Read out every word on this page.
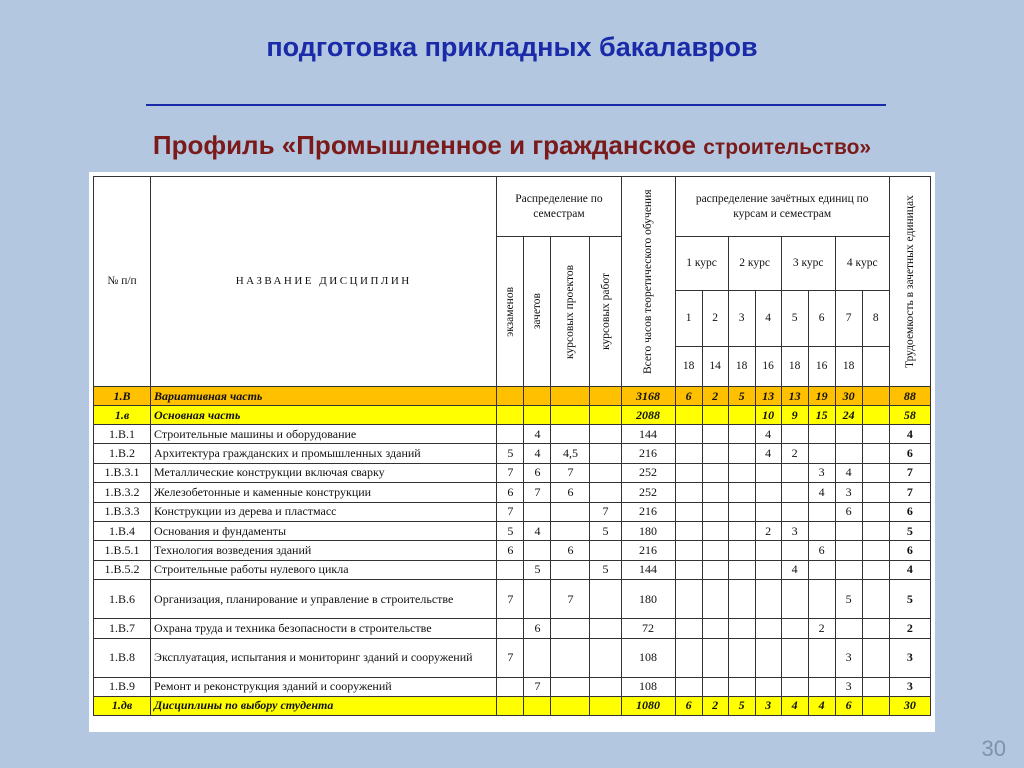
подготовка прикладных бакалавров
Профиль «Промышленное и гражданское строительство»
№ п/п	НАЗВАНИЕ ДИСЦИПЛИН	Распределение по семестрам				Всего часов теоретического обучения	распределение зачётных единиц по курсам и семестрам								Трудоемкость в зачетных единицах

		экзаменов	зачетов	курсовых проектов	курсовых работ		1 курс		2 курс		3 курс		4 курс		
							1	2	3	4	5	6	7	8	
							18	14	18	16	18	16	18		
1.В	Вариативная часть					3168	6	2	5	13	13	19	30		88
1.в	Основная часть					2088				10	9	15	24		58
1.В.1	Строительные машины и оборудование		4			144				4					4
1.В.2	Архитектура гражданских и промышленных зданий	5	4	4,5		216				4	2				6
1.В.3.1	Металлические конструкции включая сварку	7	6	7		252						3	4		7
1.В.3.2	Железобетонные и каменные конструкции	6	7	6		252						4	3		7
1.В.3.3	Конструкции из дерева и пластмасс	7			7	216							6		6
1.В.4	Основания и фундаменты	5	4		5	180				2	3				5
1.В.5.1	Технология возведения зданий	6		6		216						6			6
1.В.5.2	Строительные работы нулевого цикла		5		5	144					4				4
1.В.6	Организация, планирование и управление в строительстве	7		7		180							5		5
1.В.7	Охрана труда и техника безопасности в строительстве		6			72						2			2
1.В.8	Эксплуатация, испытания и мониторинг зданий и сооружений	7				108							3		3
1.В.9	Ремонт и реконструкция зданий и сооружений		7			108							3		3
1.дв	Дисциплины по выбору студента					1080	6	2	5	3	4	4	6		30
30
